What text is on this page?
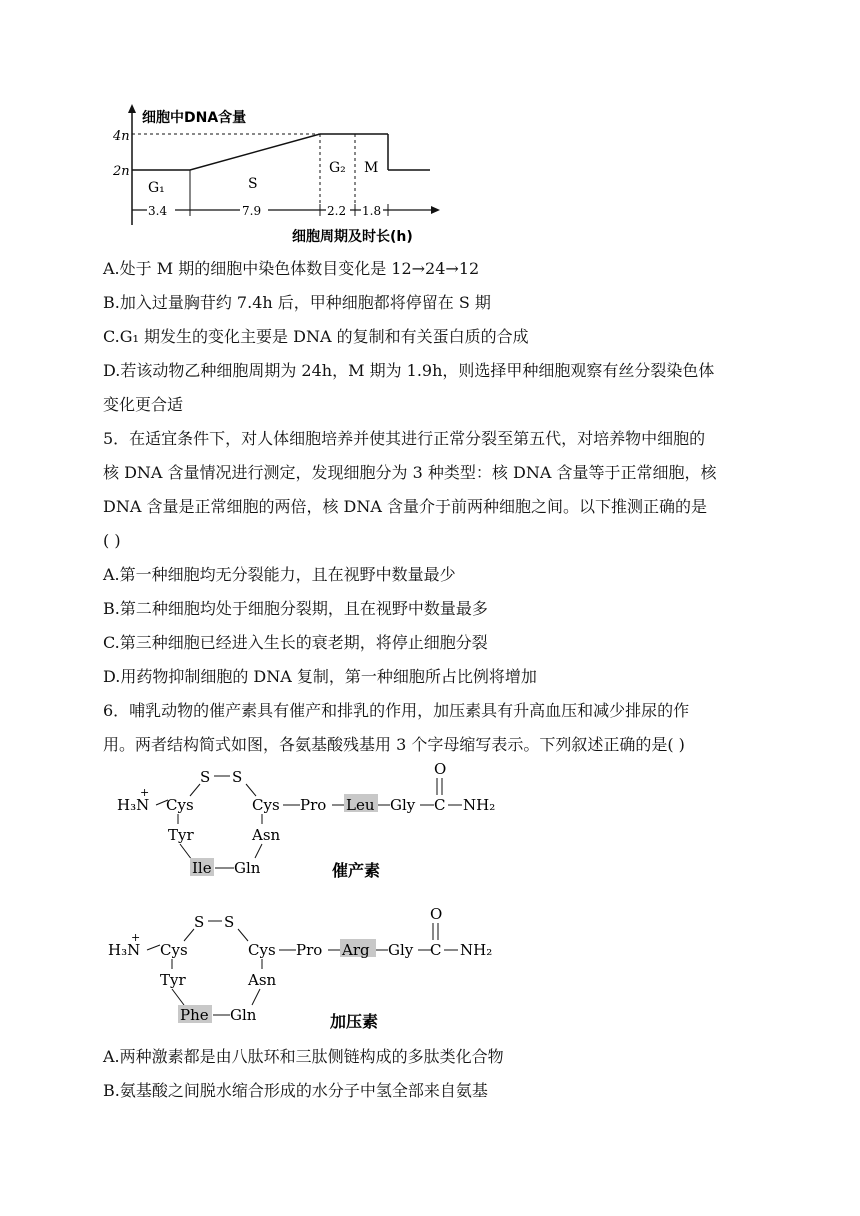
细胞中DNA含量
4n
2n
G₁	S
G₂ M
3.4	7.9	2.2 1.8
细胞周期及时长(h)
A.处于 M 期的细胞中染色体数目变化是 12→24→12
B.加入过量胸苷约 7.4h 后，甲种细胞都将停留在 S 期
C.G₁ 期发生的变化主要是 DNA 的复制和有关蛋白质的合成
D.若该动物乙种细胞周期为 24h，M 期为 1.9h，则选择甲种细胞观察有丝分裂染色体
变化更合适
5．在适宜条件下，对人体细胞培养并使其进行正常分裂至第五代，对培养物中细胞的
核 DNA 含量情况进行测定，发现细胞分为 3 种类型：核 DNA 含量等于正常细胞，核
DNA 含量是正常细胞的两倍，核 DNA 含量介于前两种细胞之间。以下推测正确的是
( )
A.第一种细胞均无分裂能力，且在视野中数量最少
B.第二种细胞均处于细胞分裂期，且在视野中数量最多
C.第三种细胞已经进入生长的衰老期，将停止细胞分裂
D.用药物抑制细胞的 DNA 复制，第一种细胞所占比例将增加
6．哺乳动物的催产素具有催产和排乳的作用，加压素具有升高血压和减少排尿的作
用。两者结构简式如图，各氨基酸残基用 3 个字母缩写表示。下列叙述正确的是( )
H₃N
+
Cys
S S
Cys Pro Leu Gly
O
C NH₂
Tyr
Ile Gln
Asn
催产素
H₃N
+
Cys
S S
Cys Pro Arg Gly
O
C NH₂
Tyr
Phe Gln
Asn
加压素
A.两种激素都是由八肽环和三肽侧链构成的多肽类化合物
B.氨基酸之间脱水缩合形成的水分子中氢全部来自氨基
